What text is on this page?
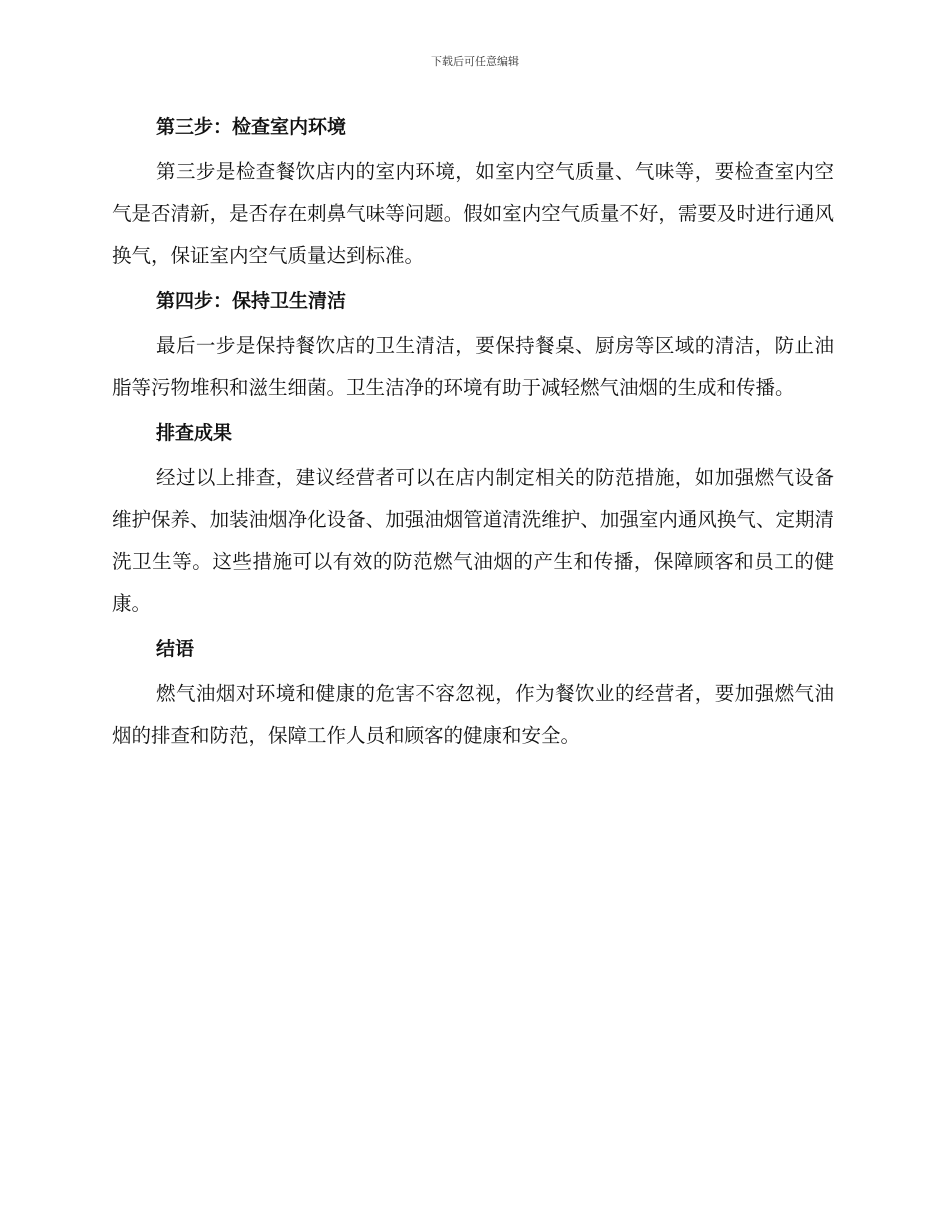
下载后可任意编辑
第三步：检查室内环境

第三步是检查餐饮店内的室内环境，如室内空气质量、气味等，要检查室内空气是否清新，是否存在刺鼻气味等问题。假如室内空气质量不好，需要及时进行通风换气，保证室内空气质量达到标准。

第四步：保持卫生清洁

最后一步是保持餐饮店的卫生清洁，要保持餐桌、厨房等区域的清洁，防止油脂等污物堆积和滋生细菌。卫生洁净的环境有助于减轻燃气油烟的生成和传播。

排查成果

经过以上排查，建议经营者可以在店内制定相关的防范措施，如加强燃气设备维护保养、加装油烟净化设备、加强油烟管道清洗维护、加强室内通风换气、定期清洗卫生等。这些措施可以有效的防范燃气油烟的产生和传播，保障顾客和员工的健康。

结语

燃气油烟对环境和健康的危害不容忽视，作为餐饮业的经营者，要加强燃气油烟的排查和防范，保障工作人员和顾客的健康和安全。
